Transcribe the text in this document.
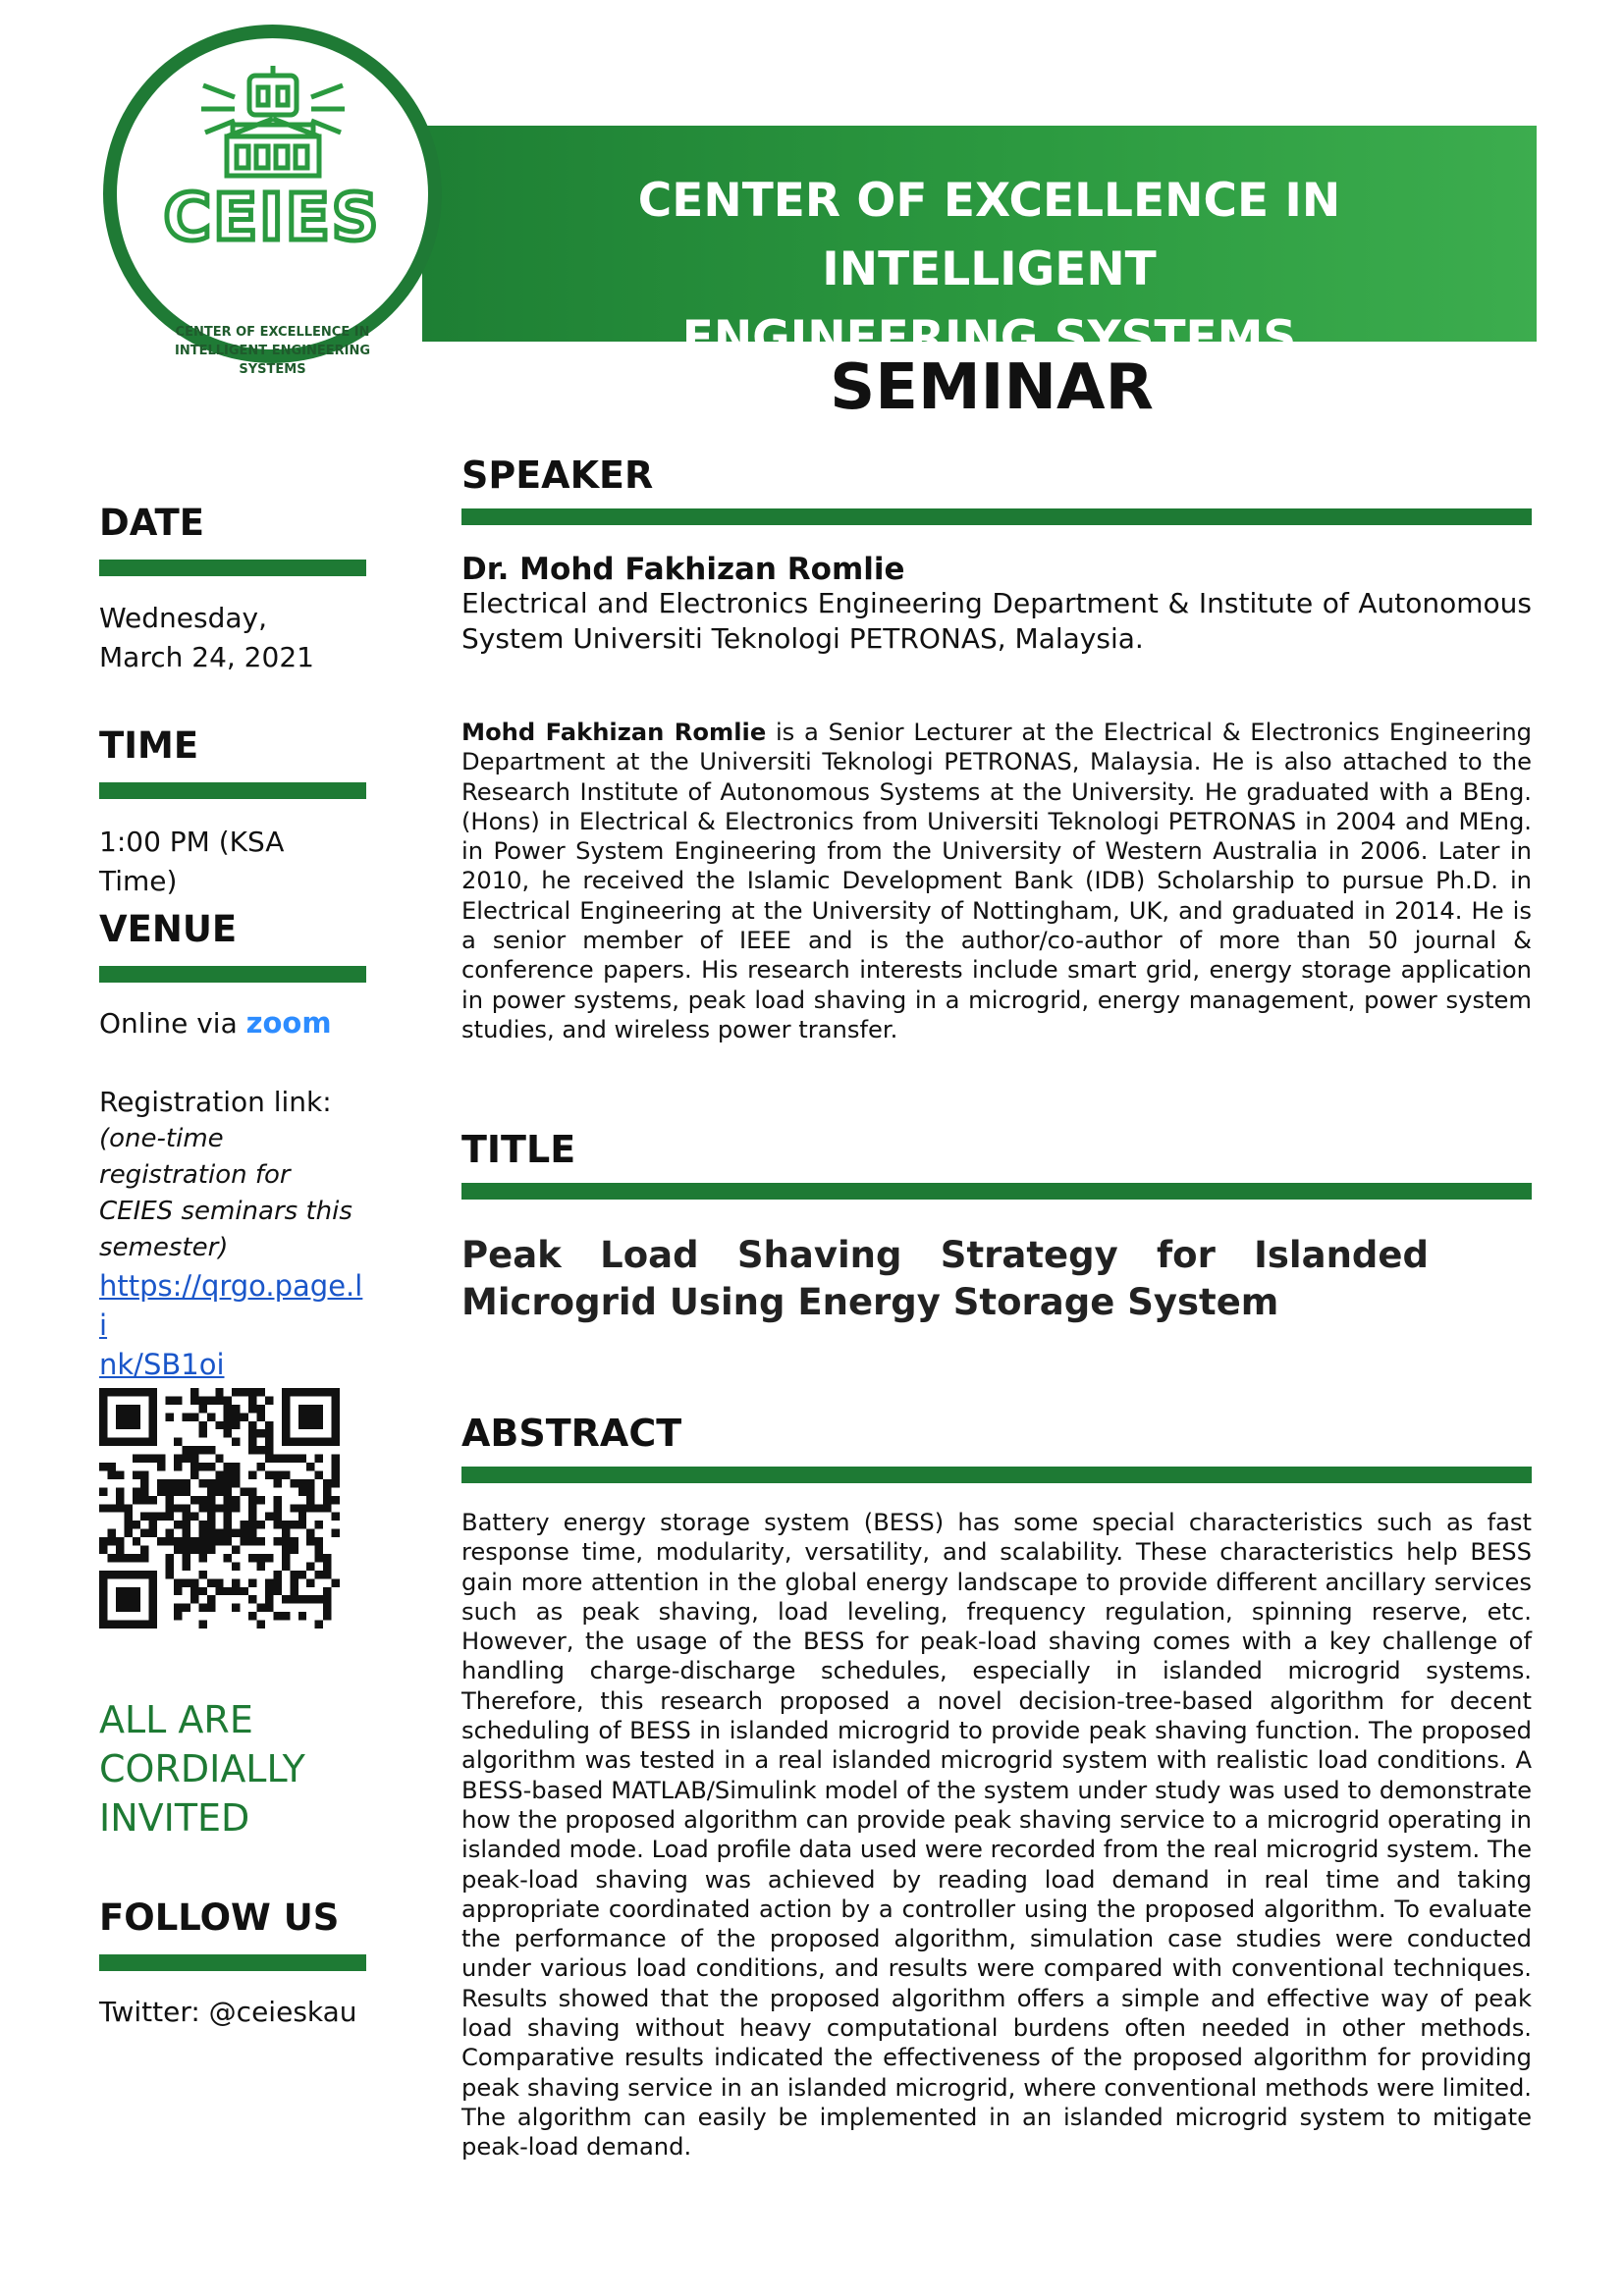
CENTER OF EXCELLENCE IN INTELLIGENT
ENGINEERING SYSTEMS
CEIES
CENTER OF EXCELLENCE IN
INTELLIGENT ENGINEERING SYSTEMS	SEMINAR
DATE
Wednesday,
March 24, 2021
TIME
1:00 PM (KSA Time)
VENUE
Online via zoom
Registration link:
(one-time
registration for
CEIES seminars this
semester)
https://qrgo.page.li
nk/SB1oi
ALL ARE
CORDIALLY
INVITED
FOLLOW US
Twitter: @ceieskau
SPEAKER
Dr. Mohd Fakhizan Romlie
Electrical and Electronics Engineering Department & Institute of Autonomous System Universiti Teknologi PETRONAS, Malaysia.
Mohd Fakhizan Romlie is a Senior Lecturer at the Electrical & Electronics Engineering Department at the Universiti Teknologi PETRONAS, Malaysia. He is also attached to the Research Institute of Autonomous Systems at the University. He graduated with a BEng. (Hons) in Electrical & Electronics from Universiti Teknologi PETRONAS in 2004 and MEng. in Power System Engineering from the University of Western Australia in 2006. Later in 2010, he received the Islamic Development Bank (IDB) Scholarship to pursue Ph.D. in Electrical Engineering at the University of Nottingham, UK, and graduated in 2014. He is a senior member of IEEE and is the author/co-author of more than 50 journal & conference papers. His research interests include smart grid, energy storage application in power systems, peak load shaving in a microgrid, energy management, power system studies, and wireless power transfer.
TITLE
Peak Load Shaving Strategy for Islanded Microgrid Using Energy Storage System
ABSTRACT
Battery energy storage system (BESS) has some special characteristics such as fast response time, modularity, versatility, and scalability. These characteristics help BESS gain more attention in the global energy landscape to provide different ancillary services such as peak shaving, load leveling, frequency regulation, spinning reserve, etc. However, the usage of the BESS for peak-load shaving comes with a key challenge of handling charge-discharge schedules, especially in islanded microgrid systems. Therefore, this research proposed a novel decision-tree-based algorithm for decent scheduling of BESS in islanded microgrid to provide peak shaving function. The proposed algorithm was tested in a real islanded microgrid system with realistic load conditions. A BESS-based MATLAB/Simulink model of the system under study was used to demonstrate how the proposed algorithm can provide peak shaving service to a microgrid operating in islanded mode. Load profile data used were recorded from the real microgrid system. The peak-load shaving was achieved by reading load demand in real time and taking appropriate coordinated action by a controller using the proposed algorithm. To evaluate the performance of the proposed algorithm, simulation case studies were conducted under various load conditions, and results were compared with conventional techniques. Results showed that the proposed algorithm offers a simple and effective way of peak load shaving without heavy computational burdens often needed in other methods. Comparative results indicated the effectiveness of the proposed algorithm for providing peak shaving service in an islanded microgrid, where conventional methods were limited. The algorithm can easily be implemented in an islanded microgrid system to mitigate peak-load demand.
